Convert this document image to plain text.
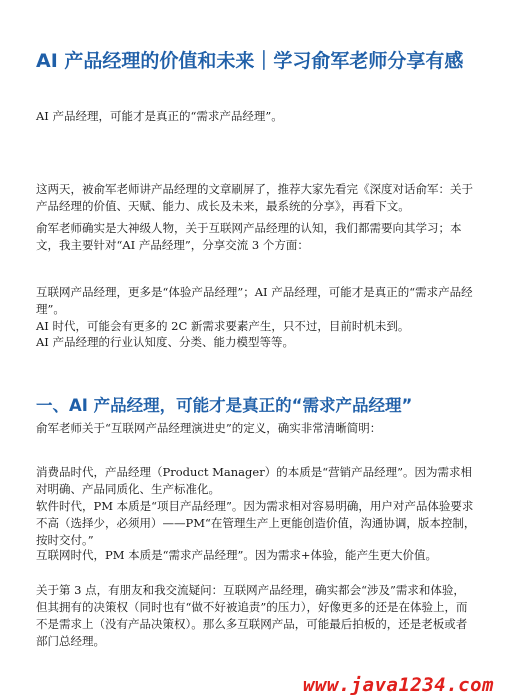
AI 产品经理的价值和未来｜学习俞军老师分享有感

AI 产品经理，可能才是真正的“需求产品经理”。

这两天，被俞军老师讲产品经理的文章刷屏了，推荐大家先看完《深度对话俞军：关于产品经理的价值、天赋、能力、成长及未来，最系统的分享》，再看下文。

俞军老师确实是大神级人物，关于互联网产品经理的认知，我们都需要向其学习；本文，我主要针对“AI 产品经理”，分享交流 3 个方面：

互联网产品经理，更多是“体验产品经理”；AI 产品经理，可能才是真正的“需求产品经理”。

AI 时代，可能会有更多的 2C 新需求要素产生，只不过，目前时机未到。

AI 产品经理的行业认知度、分类、能力模型等等。

一、AI 产品经理，可能才是真正的“需求产品经理”

俞军老师关于“互联网产品经理演进史”的定义，确实非常清晰简明：

消费品时代，产品经理（Product Manager）的本质是“营销产品经理”。因为需求相对明确、产品同质化、生产标准化。

软件时代，PM 本质是“项目产品经理”。因为需求相对容易明确，用户对产品体验要求不高（选择少，必须用）——PM“在管理生产上更能创造价值，沟通协调，版本控制，按时交付。”

互联网时代，PM 本质是“需求产品经理”。因为需求+体验，能产生更大价值。

关于第 3 点，有朋友和我交流疑问：互联网产品经理，确实都会“涉及”需求和体验，但其拥有的决策权（同时也有“做不好被追责”的压力），好像更多的还是在体验上，而不是需求上（没有产品决策权）。那么多互联网产品，可能最后拍板的，还是老板或者部门总经理。

www.java1234.com
